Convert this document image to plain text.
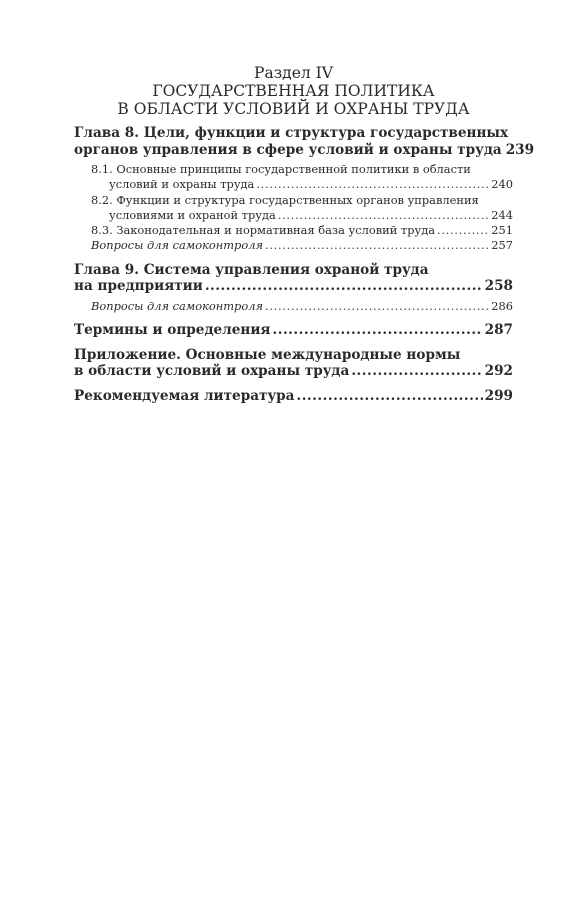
Раздел IV
ГОСУДАРСТВЕННАЯ ПОЛИТИКА
В ОБЛАСТИ УСЛОВИЙ И ОХРАНЫ ТРУДА
Глава 8. Цели, функции и структура государственных
органов управления в сфере условий и охраны труда 239
8.1. Основные принципы государственной политики в области
условий и охраны труда .....	240
8.2. Функции и структура государственных органов управления
условиями и охраной труда .....	244
8.3. Законодательная и нормативная база условий труда .....	251
Вопросы для самоконтроля .....	257
Глава 9. Система управления охраной труда
на предприятии .....	258
Вопросы для самоконтроля .....	286
Термины и определения .....	287
Приложение. Основные международные нормы
в области условий и охраны труда .....	292
Рекомендуемая литература .....	299
